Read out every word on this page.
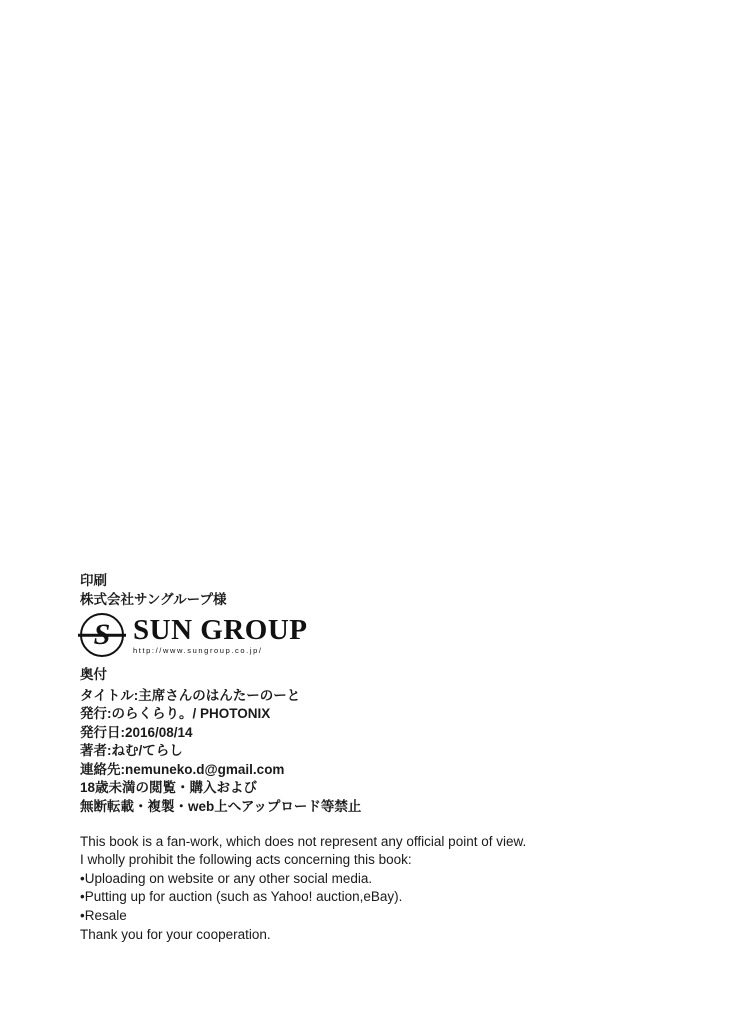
印刷
株式会社サングループ様
S SUN GROUP
http://www.sungroup.co.jp/
奥付
タイトル:主席さんのはんたーのーと
発行:のらくらり。/ PHOTONIX
発行日:2016/08/14
著者:ねむ/てらし
連絡先:nemuneko.d@gmail.com
18歳未満の閲覧・購入および
無断転載・複製・web上へアップロード等禁止
This book is a fan-work, which does not represent any official point of view.
I wholly prohibit the following acts concerning this book:
•Uploading on website or any other social media.
•Putting up for auction (such as Yahoo! auction,eBay).
•Resale
Thank you for your cooperation.
